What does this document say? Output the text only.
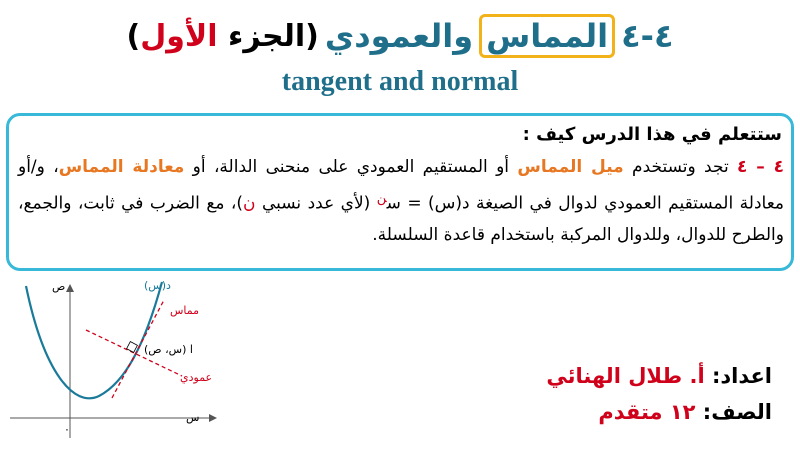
٤-٤
المماس
والعمودي
(الجزء الأول)
tangent and normal
ستتعلم في هذا الدرس كيف :
٤ – ٤ تجد وتستخدم ميل المماس أو المستقيم العمودي على منحنى الدالة، أو معادلة المماس، و/أو معادلة المستقيم العمودي لدوال في الصيغة د(س) = س$^ن$ (لأي عدد نسبي ن)، مع الضرب في ثابت، والجمع، والطرح للدوال، وللدوال المركبة باستخدام قاعدة السلسلة.
ص
س
٠
د(س)
مماس
عمودي
ا (س، ص)
اعداد: أ. طلال الهنائي
الصف: ١٢ متقدم
